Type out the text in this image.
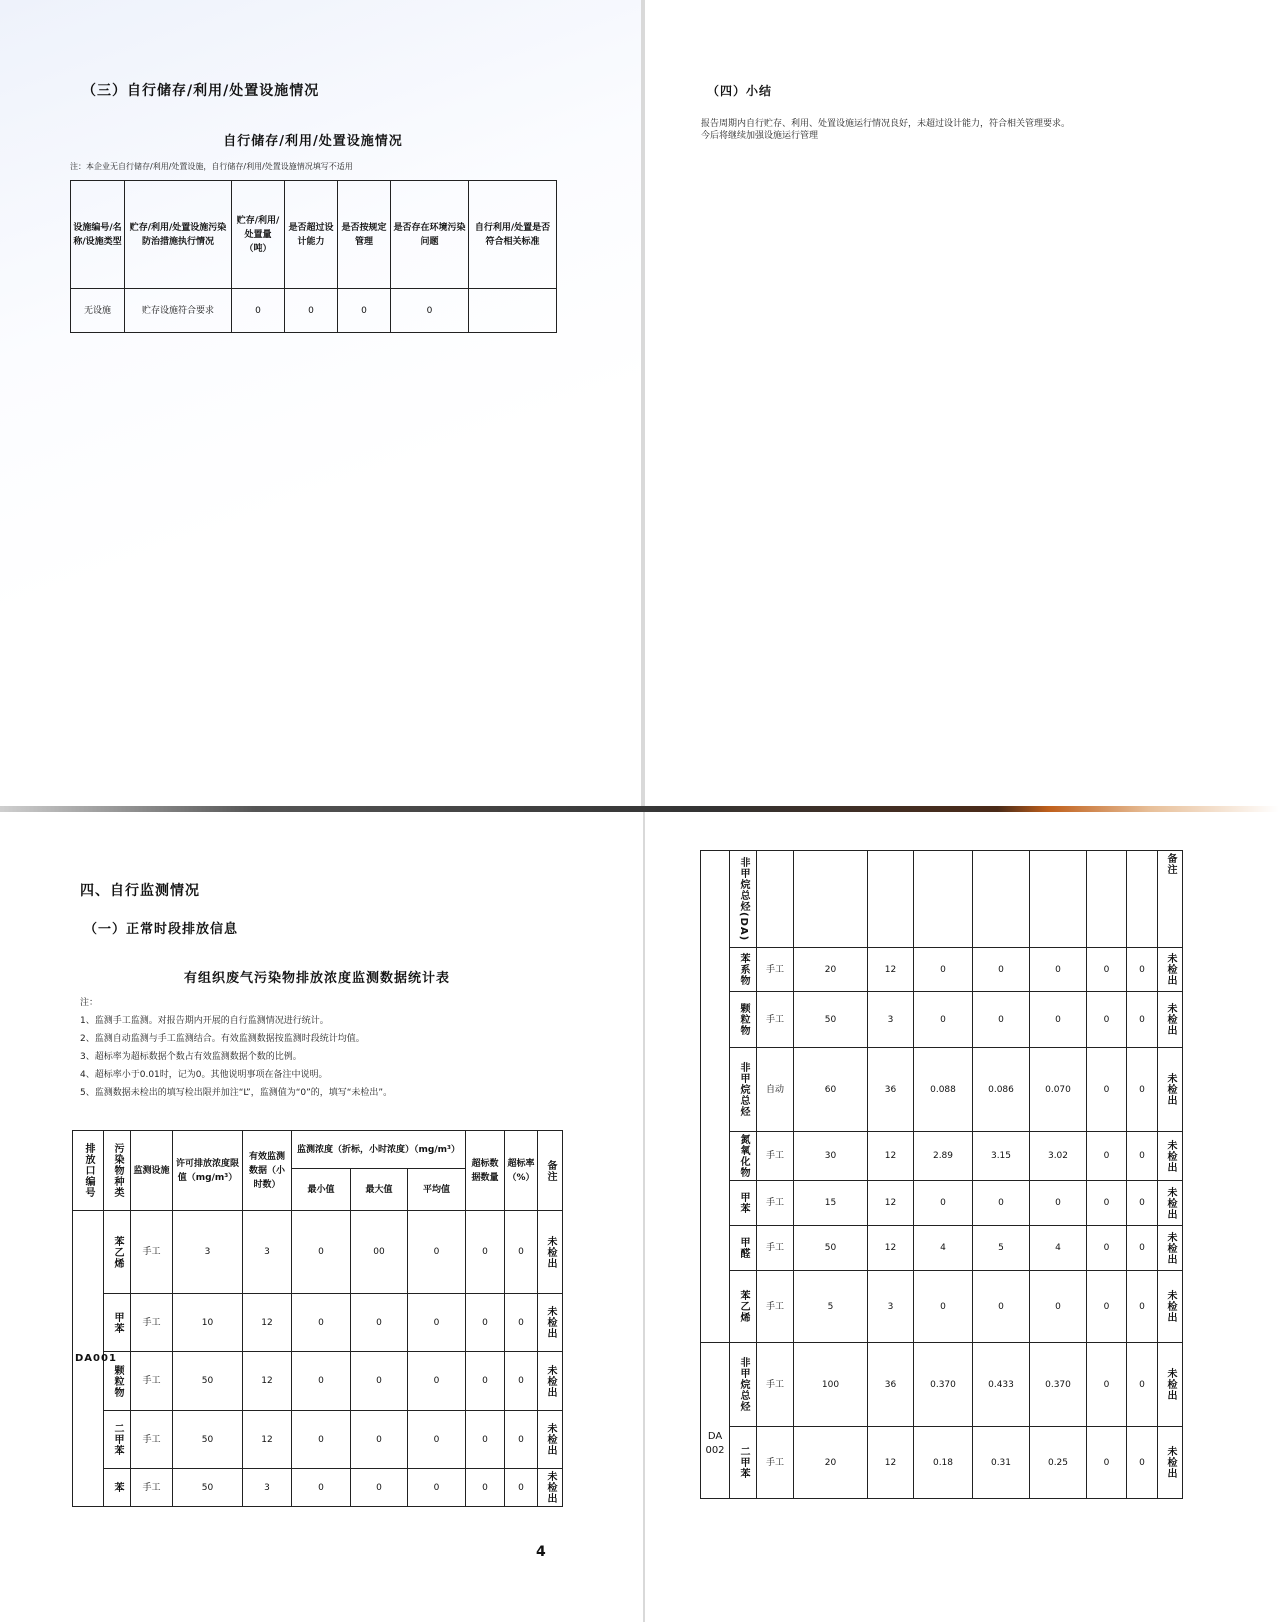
（三）自行储存/利用/处置设施情况
自行储存/利用/处置设施情况
注：本企业无自行储存/利用/处置设施，自行储存/利用/处置设施情况填写不适用
设施编号/名称/设施类型	贮存/利用/处置设施污染防治措施执行情况	贮存/利用/处置量（吨）	是否超过设计能力	是否按规定管理	是否存在环境污染问题	自行利用/处置是否符合相关标准
无设施	贮存设施符合要求	0	0	0	0	
（四）小结
报告周期内自行贮存、利用、处置设施运行情况良好，未超过设计能力，符合相关管理要求。
今后将继续加强设施运行管理
四、自行监测情况
（一）正常时段排放信息
有组织废气污染物排放浓度监测数据统计表
注：
1、监测手工监测。对报告期内开展的自行监测情况进行统计。
2、监测自动监测与手工监测结合。有效监测数据按监测时段统计均值。
3、超标率为超标数据个数占有效监测数据个数的比例。
4、超标率小于0.01时，记为0。其他说明事项在备注中说明。
5、监测数据未检出的填写检出限并加注“L”，监测值为“0”的，填写“未检出”。
排放口编号	污染物种类	监测设施	许可排放浓度限值（mg/m³）	有效监测数据（小时数）	监测浓度（折标，小时浓度）（mg/m³）			超标数据数量	超标率（%）	备注

					最小值	最大值	平均值			

DA001	苯乙烯	手工	3	3	0	00	0	0	0	未检出

	甲苯	手工	10	12	0	0	0	0	0	未检出

	颗粒物	手工	50	12	0	0	0	0	0	未检出

	二甲苯	手工	50	12	0	0	0	0	0	未检出

	苯	手工	50	3	0	0	0	0	0	未检出
4

	非甲烷总烃(DA)									备注

	苯系物	手工	20	12	0	0	0	0	0	未检出

	颗粒物	手工	50	3	0	0	0	0	0	未检出

	非甲烷总烃	自动	60	36	0.088	0.086	0.070	0	0	未检出

	氮氧化物	手工	30	12	2.89	3.15	3.02	0	0	未检出

	甲苯	手工	15	12	0	0	0	0	0	未检出

	甲醛	手工	50	12	4	5	4	0	0	未检出

	苯乙烯	手工	5	3	0	0	0	0	0	未检出

DA 002	非甲烷总烃	手工	100	36	0.370	0.433	0.370	0	0	未检出

	二甲苯	手工	20	12	0.18	0.31	0.25	0	0	未检出
